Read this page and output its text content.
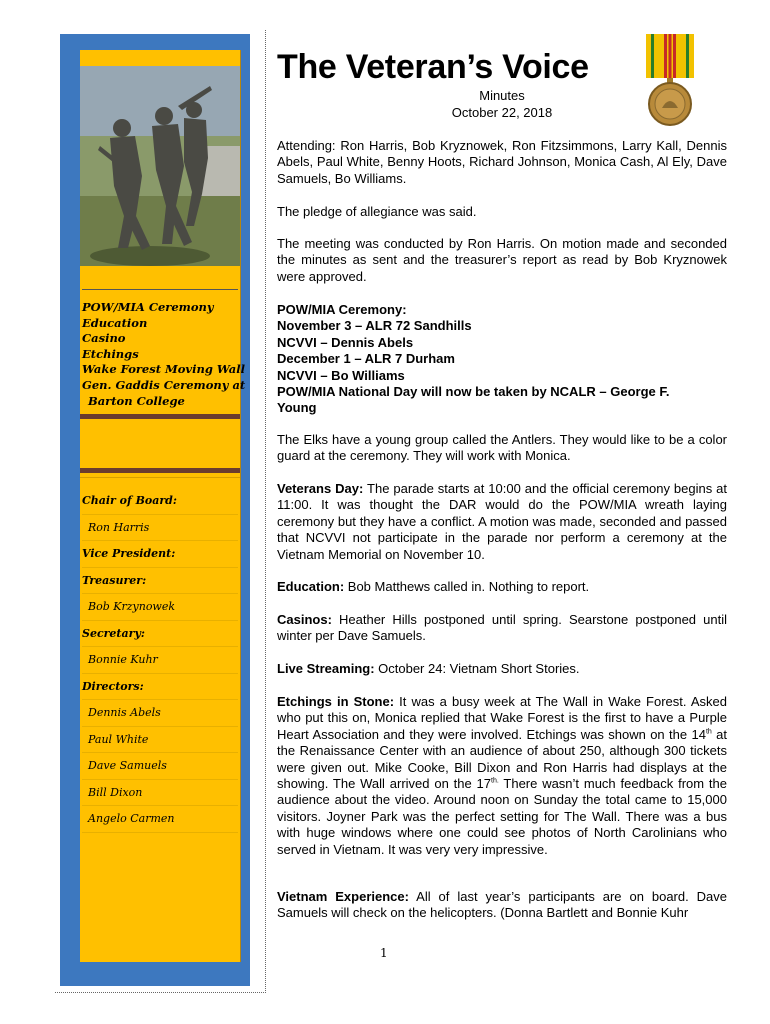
POW/MIA Ceremony
Education
Casino
Etchings
Wake Forest Moving Wall
Gen. Gaddis Ceremony at
Barton College
Chair of Board:
Ron Harris
Vice President:
Treasurer:
Bob Krzynowek
Secretary:
Bonnie Kuhr
Directors:
Dennis Abels
Paul White
Dave Samuels
Bill Dixon
Angelo Carmen
The Veteran’s Voice
Minutes
October 22, 2018
Attending: Ron Harris, Bob Kryznowek, Ron Fitzsimmons, Larry Kall, Dennis Abels, Paul White, Benny Hoots, Richard Johnson, Monica Cash, Al Ely, Dave Samuels, Bo Williams.
The pledge of allegiance was said.
The meeting was conducted by Ron Harris. On motion made and seconded the minutes as sent and the treasurer’s report as read by Bob Kryznowek were approved.
POW/MIA Ceremony:
November 3 – ALR 72 Sandhills
NCVVI – Dennis Abels
December 1 – ALR 7 Durham
NCVVI – Bo Williams
POW/MIA National Day will now be taken by NCALR – George F.
Young
The Elks have a young group called the Antlers. They would like to be a color guard at the ceremony. They will work with Monica.
Veterans Day: The parade starts at 10:00 and the official ceremony begins at 11:00. It was thought the DAR would do the POW/MIA wreath laying ceremony but they have a conflict. A motion was made, seconded and passed that NCVVI not participate in the parade nor perform a ceremony at the Vietnam Memorial on November 10.
Education: Bob Matthews called in. Nothing to report.
Casinos: Heather Hills postponed until spring. Searstone postponed until winter per Dave Samuels.
Live Streaming: October 24: Vietnam Short Stories.
Etchings in Stone: It was a busy week at The Wall in Wake Forest. Asked who put this on, Monica replied that Wake Forest is the first to have a Purple Heart Association and they were involved. Etchings was shown on the 14th at the Renaissance Center with an audience of about 250, although 300 tickets were given out. Mike Cooke, Bill Dixon and Ron Harris had displays at the showing. The Wall arrived on the $17^{th.}$ There wasn’t much feedback from the audience about the video. Around noon on Sunday the total came to 15,000 visitors. Joyner Park was the perfect setting for The Wall. There was a bus with huge windows where one could see photos of North Carolinians who served in Vietnam. It was very very impressive.
Vietnam Experience: All of last year’s participants are on board. Dave Samuels will check on the helicopters. (Donna Bartlett and Bonnie Kuhr
1
